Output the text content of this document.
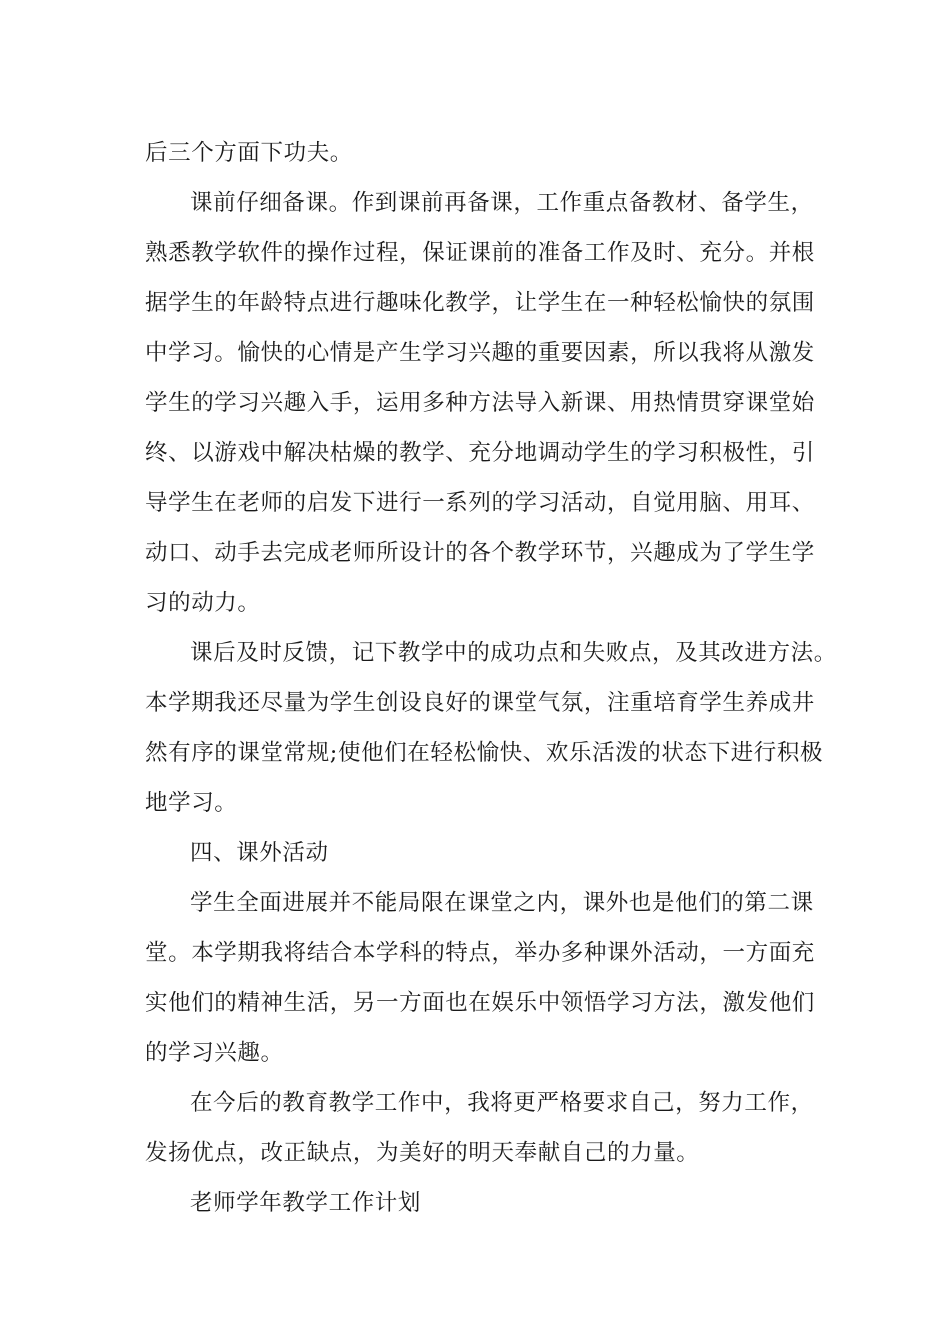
后三个方面下功夫。
课前仔细备课。作到课前再备课，工作重点备教材、备学生，
熟悉教学软件的操作过程，保证课前的准备工作及时、充分。并根
据学生的年龄特点进行趣味化教学，让学生在一种轻松愉快的氛围
中学习。愉快的心情是产生学习兴趣的重要因素，所以我将从激发
学生的学习兴趣入手，运用多种方法导入新课、用热情贯穿课堂始
终、以游戏中解决枯燥的教学、充分地调动学生的学习积极性，引
导学生在老师的启发下进行一系列的学习活动，自觉用脑、用耳、
动口、动手去完成老师所设计的各个教学环节，兴趣成为了学生学
习的动力。
课后及时反馈，记下教学中的成功点和失败点，及其改进方法。
本学期我还尽量为学生创设良好的课堂气氛，注重培育学生养成井
然有序的课堂常规;使他们在轻松愉快、欢乐活泼的状态下进行积极
地学习。
四、课外活动
学生全面进展并不能局限在课堂之内，课外也是他们的第二课
堂。本学期我将结合本学科的特点，举办多种课外活动，一方面充
实他们的精神生活，另一方面也在娱乐中领悟学习方法，激发他们
的学习兴趣。
在今后的教育教学工作中，我将更严格要求自己，努力工作，
发扬优点，改正缺点，为美好的明天奉献自己的力量。
老师学年教学工作计划
